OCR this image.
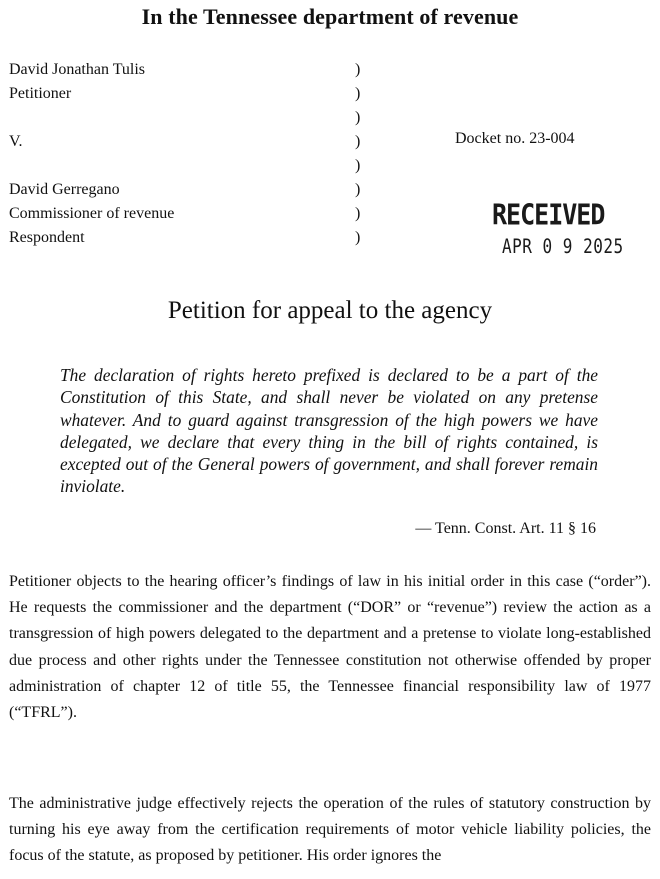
In the Tennessee department of revenue
David Jonathan Tulis
Petitioner
V.
David Gerregano
Commissioner of revenue
Respondent
)
)
)
)
)
)
)
)
Docket no. 23-004
RECEIVED
APR 0 9 2025
Petition for appeal to the agency
The declaration of rights hereto prefixed is declared to be a part of the Constitution of this State, and shall never be violated on any pretense whatever. And to guard against transgression of the high powers we have delegated, we declare that every thing in the bill of rights contained, is excepted out of the General powers of government, and shall forever remain inviolate.
— Tenn. Const. Art. 11 § 16
Petitioner objects to the hearing officer’s findings of law in his initial order in this case (“order”). He requests the commissioner and the department (“DOR” or “revenue”) review the action as a transgression of high powers delegated to the department and a pretense to violate long-established due process and other rights under the Tennessee constitution not otherwise offended by proper administration of chapter 12 of title 55, the Tennessee financial responsibility law of 1977 (“TFRL”).
The administrative judge effectively rejects the operation of the rules of statutory construction by turning his eye away from the certification requirements of motor vehicle liability policies, the focus of the statute, as proposed by petitioner. His order ignores the
